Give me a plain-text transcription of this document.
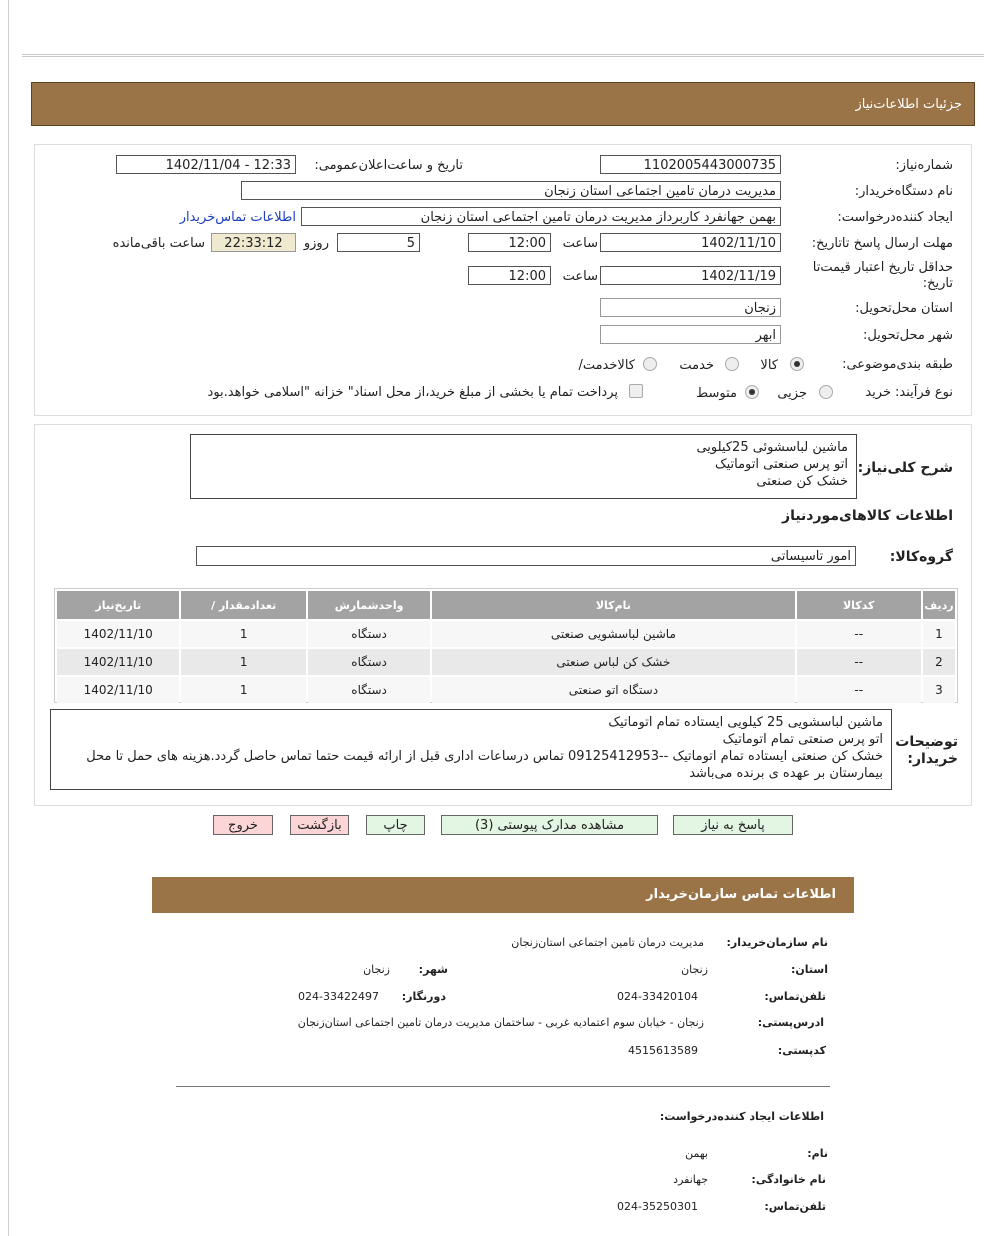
جزئیات اطلاعات‌نیاز
شماره‌نیاز:
1102005443000735
تاریخ و ساعت‌اعلان‌عمومی:
1402/11/04 - 12:33
نام دستگاه‌خریدار:
مدیریت درمان تامین اجتماعی استان زنجان
ایجاد کننده‌درخواست:
بهمن جهانفرد کاربرداز مدیریت درمان تامین اجتماعی استان زنجان
اطلاعات تماس‌خریدار
مهلت ارسال ‌پاسخ تا‌تاریخ:
1402/11/10
ساعت
12:00
5
روزو
22:33:12
ساعت باقی‌مانده
حداقل تاریخ اعتبار قیمت‌تا تاریخ:
1402/11/19
ساعت
12:00
استان محل‌تحویل:
زنجان
شهر محل‌تحویل:
ابهر
طبقه بندی‌موضوعی:
کالا
خدمت
کالا‌خدمت/
نوع فرآیند:
خرید
جزیی
متوسط
پرداخت تمام یا بخشی از مبلغ خرید،از محل اسناد" خزانه "اسلامی خواهد.بود
شرح کلی‌نیاز:
ماشین لباسشوئی 25کیلویی
اتو پرس صنعتی اتوماتیک
خشک کن صنعتی
اطلاعات کالاهای‌موردنیاز
گروه‌کالا:
امور تاسیساتی
ردیف	کدکالا	نام‌کالا	واحدشمارش	تعدادمقدار /	تاریخ‌نیاز
1	--	ماشین لباسشویی صنعتی	دستگاه	1	1402/11/10
2	--	خشک کن لباس صنعتی	دستگاه	1	1402/11/10
3	--	دستگاه اتو صنعتی	دستگاه	1	1402/11/10
توضیحات خریدار:
ماشین لباسشویی 25 کیلویی ایستاده تمام اتوماتیک
اتو پرس صنعتی تمام اتوماتیک
خشک کن صنعتی ایستاده تمام اتوماتیک --09125412953 تماس درساعات اداری قبل از ارائه قیمت حتما تماس حاصل گردد.هزینه های حمل تا محل بیمارستان بر عهده ی برنده می‌باشد
پاسخ به نیاز
مشاهده مدارک پیوستی (3)
چاپ
بازگشت
خروج
اطلاعات تماس سازمان‌خریدار
نام سازمان‌خریدار:
مدیریت درمان تامین اجتماعی استان‌زنجان
استان:
زنجان
شهر:
زنجان
تلفن‌تماس:
024-33420104
دورنگار:
024-33422497
ادرس‌پستی:
زنجان - خیابان سوم اعتمادیه غربی - ساختمان مدیریت درمان تامین اجتماعی استان‌زنجان
کد‌پستی:
4515613589
اطلاعات ایجاد کننده‌درخواست:
نام:
بهمن
نام خانوادگی:
جهانفرد
تلفن‌تماس:
024-35250301
